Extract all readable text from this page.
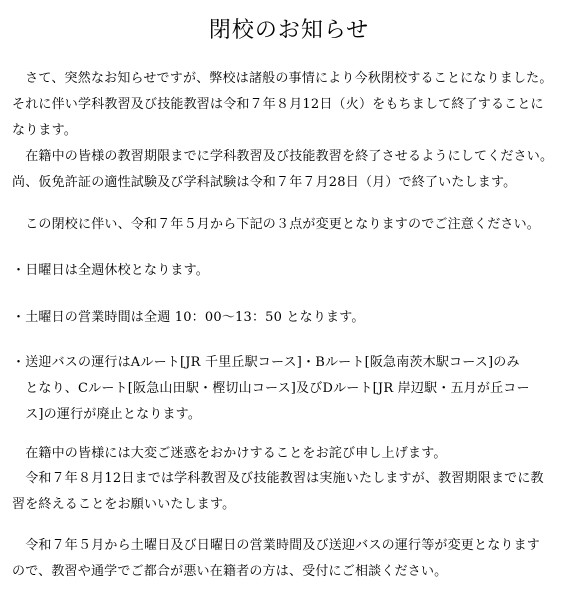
閉校のお知らせ
　さて、突然なお知らせですが、弊校は諸般の事情により今秋閉校することになりました。
それに伴い学科教習及び技能教習は令和７年８月12日（火）をもちまして終了することに
なります。
　在籍中の皆様の教習期限までに学科教習及び技能教習を終了させるようにしてください。
尚、仮免許証の適性試験及び学科試験は令和７年７月28日（月）で終了いたします。
　この閉校に伴い、令和７年５月から下記の３点が変更となりますのでご注意ください。
・日曜日は全週休校となります。
・土曜日の営業時間は全週 10：00〜13：50 となります。
・送迎バスの運行はAルート[JR 千里丘駅コース]・Bルート[阪急南茨木駅コース]のみ
　となり、Cルート[阪急山田駅・樫切山コース]及びDルート[JR 岸辺駅・五月が丘コー
　ス]の運行が廃止となります。
　在籍中の皆様には大変ご迷惑をおかけすることをお詫び申し上げます。
　令和７年８月12日までは学科教習及び技能教習は実施いたしますが、教習期限までに教
習を終えることをお願いいたします。
　令和７年５月から土曜日及び日曜日の営業時間及び送迎バスの運行等が変更となります
ので、教習や通学でご都合が悪い在籍者の方は、受付にご相談ください。
